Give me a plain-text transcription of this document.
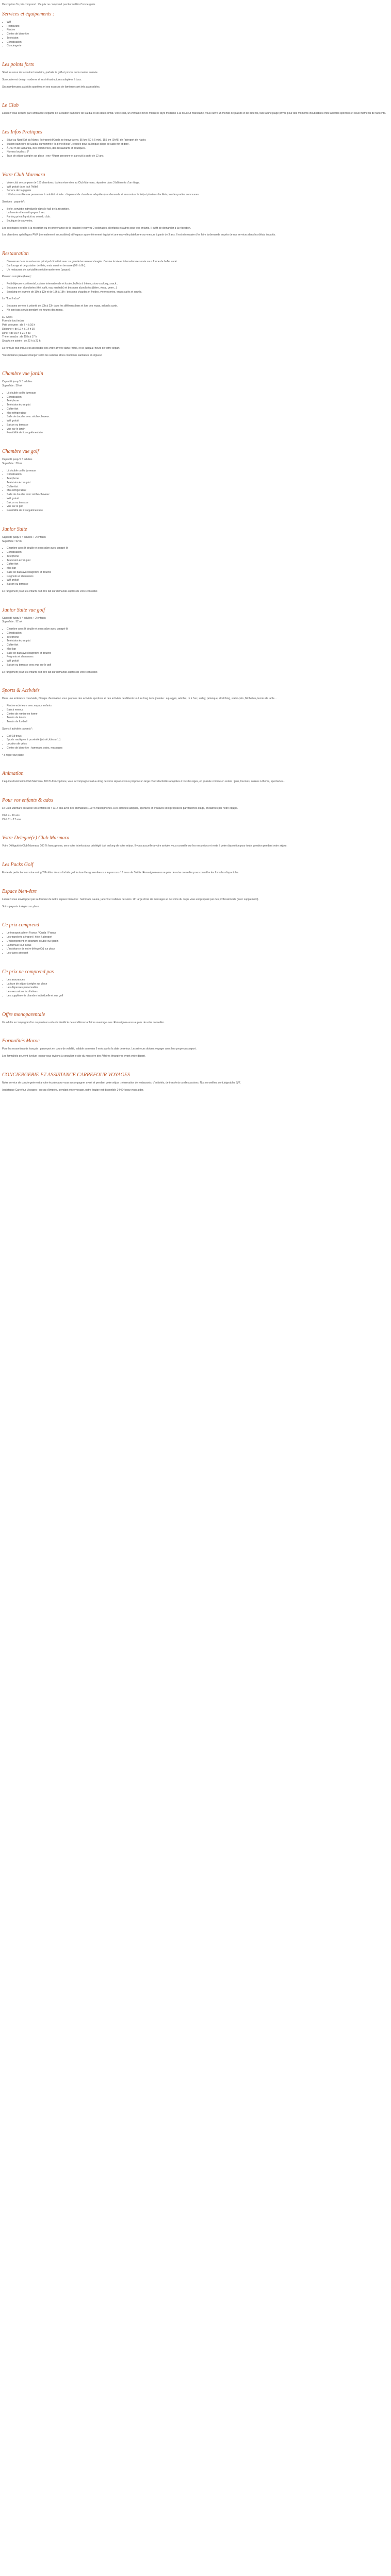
Description Ce prix comprend : Ce prix ne comprend pas Formalités Conciergerie

Services et équipements :
• Wifi
• Restaurant
• Piscine
• Centre de bien-être
• Télévision
• Climatisation
• Conciergerie
Les points forts

Situé au cœur de la station balnéaire, parfaite le golf et proche de la marina animée.

Son cadre est design moderne et ses infrastructures adaptées à tous.

Ses nombreuses activités sportives et ses espaces de farniente sont très accessibles.

Le Club

Laissez-vous séduire par l'ambiance élégante de la station balnéaire de Saïdia et ses deux climat. Votre club, un véritable havre mêlant le style moderne à la douceur marocaine, vous ouvre un monde de plaisirs et de détente, face à une plage privée pour des moments inoubliables entre activités sportives et doux moments de farniente.

Les Infos Pratiques
• Situé au Nord-Est du Maroc, l'aéroport d'Oujda se trouve à env. 55 km (50 à 6 min), 155 km (2h45) de l'aéroport de Nador.
• Station balnéaire de Saïdia, surnommée "la perle Bleue", réputée pour sa longue plage de sable fin et doré.
• À 700 m de la marina, des commerces, des restaurants et boutiques.
• Normes locales : 5*
• Taxe de séjour à régler sur place : env. 40 par personne et par nuit à partir de 12 ans.
Votre Club Marmara
• Votre club se compose de 150 chambres, toutes réservées au Club Marmara, réparties dans 3 bâtiments d'un étage.
• Wifi gratuit dans tout l'hôtel.
• Service de bagagerie
• Hôtel accessible aux personnes à mobilité réduite : disposant de chambres adaptées (sur demande et en nombre limité) et plusieurs facilités pour les parties communes.

Services : payants*:

• Boîte, serviette individuelle dans le hall de la réception.
• La laverie et les nettoyages à sec.
• Parking privatif gratuit au sein du club.
• Boutique de souvenirs.

Les coloriages (réglés à la réception ou en provenance de la location) recevrez 2 coloriages, d'enfants et autres pour vos enfants. Il suffit de demander à la réception.

Les chambres spécifiques PMR (normalement accessibles) et l'espace spa entièrement équipé et une nouvelle plateforme sur-mesure à partir de 3 ans. Il est nécessaire d'en faire la demande auprès de nos services dans les délais impartis.

Restauration
• Bienvenue dans le restaurant principal climatisé avec sa grande terrasse ombragée. Cuisine locale et internationale servie sous forme de buffet varié.
• Bar lounge et dégustation de thés, mais aussi en terrasse (20h à 0h).
• Un restaurant de spécialités méditerranéennes (payant).

Pension complète (base) :

• Petit déjeuner continental, cuisine internationale et locale, buffets à thème, show cooking, snack...
• Boissons non alcoolisées (thé, café, eau minérale) et boissons alcoolisées (bière, vin au verre...)
• Snacking en journée de 10h à 12h et de 15h à 18h : boissons chaudes et froides, viennoiseries, encas salés et sucrés.

Le "Tout Inclus" :

• Boissons servies à volonté de 10h à 23h dans les différents bars et lors des repas, selon la carte.
• Ne sont pas servis pendant les heures des repas.

LE TARIF
Formule tout inclus
Petit déjeuner : de 7 h à 10 h
Déjeuner : de 12 h à 14 h 30
Dîner : de 19 h à 21 h 30
Thé et snacks : de 15 h à 17 h
Snacks en soirée : de 22 h à 23 h

La formule tout inclus est accessible dès votre arrivée dans l'hôtel, et ce jusqu'à l'heure de votre départ.

*Ces horaires peuvent changer selon les saisons et les conditions sanitaires en vigueur.

Chambre vue jardin

Capacité jusqu'à 3 adultes
Superficie : 30 m²

• Lit double ou lits jumeaux
• Climatisation
• Téléphone
• Télévision écran plat
• Coffre-fort
• Mini-réfrigérateur
• Salle de douche avec sèche-cheveux
• Wifi gratuit
• Balcon ou terrasse
• Vue sur le jardin
• Possibilité de lit supplémentaire
Chambre vue golf

Capacité jusqu'à 3 adultes
Superficie : 30 m²

• Lit double ou lits jumeaux
• Climatisation
• Téléphone
• Télévision écran plat
• Coffre-fort
• Mini-réfrigérateur
• Salle de douche avec sèche-cheveux
• Wifi gratuit
• Balcon ou terrasse
• Vue sur le golf
• Possibilité de lit supplémentaire
Junior Suite

Capacité jusqu'à 4 adultes + 2 enfants
Superficie : 52 m²

• Chambre avec lit double et coin salon avec canapé-lit
• Climatisation
• Téléphone
• Télévision écran plat
• Coffre-fort
• Mini-bar
• Salle de bain avec baignoire et douche
• Peignoirs et chaussons
• Wifi gratuit
• Balcon ou terrasse

Le rangement pour les enfants doit être fait sur demande auprès de votre conseiller.

Junior Suite vue golf

Capacité jusqu'à 4 adultes + 2 enfants
Superficie : 52 m²

• Chambre avec lit double et coin salon avec canapé-lit
• Climatisation
• Téléphone
• Télévision écran plat
• Coffre-fort
• Mini-bar
• Salle de bain avec baignoire et douche
• Peignoirs et chaussons
• Wifi gratuit
• Balcon ou terrasse avec vue sur le golf

Le rangement pour les enfants doit être fait sur demande auprès de votre conseiller.

Sports & Activités

Dans une ambiance conviviale, l'équipe d'animation vous propose des activités sportives et des activités de détente tout au long de la journée : aquagym, aérobic, tir à l'arc, volley, pétanque, stretching, water-polo, fléchettes, tennis de table...

• Piscine extérieure avec espace enfants
• Bain à remous
• Centre de remise en forme
• Terrain de tennis
• Terrain de football

Sports / activités payants* :

• Golf 18 trous
• Sports nautiques à proximité (jet-ski, kitesurf...)
• Location de vélos
• Centre de bien-être : hammam, soins, massages

* à régler sur place

Animation

L'équipe d'animation Club Marmara, 100 % francophone, vous accompagne tout au long de votre séjour et vous propose un large choix d'activités adaptées à tous les âges, en journée comme en soirée : jeux, tournois, soirées à thème, spectacles...

Pour vos enfants & ados

Le Club Marmara accueille vos enfants de 4 à 17 ans avec des animateurs 100 % francophones. Des activités ludiques, sportives et créatives sont proposées par tranches d'âge, encadrées par notre équipe.

Club 4 - 10 ans
Club 11 - 17 ans

Votre Delegué(e) Club Marmara

Votre Délégué(e) Club Marmara, 100 % francophone, sera votre interlocuteur privilégié tout au long de votre séjour. Il vous accueille à votre arrivée, vous conseille sur les excursions et reste à votre disposition pour toute question pendant votre séjour.

Les Packs Golf

Envie de perfectionner votre swing ? Profitez de nos forfaits golf incluant les green-fees sur le parcours 18 trous de Saïdia. Renseignez-vous auprès de votre conseiller pour connaître les formules disponibles.

Espace bien-être

Laissez-vous envelopper par la douceur de notre espace bien-être : hammam, sauna, jacuzzi et cabines de soins. Un large choix de massages et de soins du corps vous est proposé par des professionnels (avec supplément).

Soins payants à régler sur place.

Ce prix comprend
• Le transport aérien France / Oujda / France
• Les transferts aéroport / hôtel / aéroport
• L'hébergement en chambre double vue jardin
• La formule tout inclus
• L'assistance de notre délégué(e) sur place
• Les taxes aéroport
Ce prix ne comprend pas
• Les assurances
• La taxe de séjour à régler sur place
• Les dépenses personnelles
• Les excursions facultatives
• Les suppléments chambre individuelle et vue golf
Offre monoparentale

Un adulte accompagné d'un ou plusieurs enfants bénéficie de conditions tarifaires avantageuses. Renseignez-vous auprès de votre conseiller.

Formalités Maroc

Pour les ressortissants français : passeport en cours de validité, valable au moins 6 mois après la date de retour. Les mineurs doivent voyager avec leur propre passeport.

Les formalités peuvent évoluer : nous vous invitons à consulter le site du ministère des Affaires étrangères avant votre départ.

CONCIERGERIE ET ASSISTANCE CARREFOUR VOYAGES

Notre service de conciergerie est à votre écoute pour vous accompagner avant et pendant votre séjour : réservation de restaurants, d'activités, de transferts ou d'excursions. Nos conseillers sont joignables 7j/7.

Assistance Carrefour Voyages : en cas d'imprévu pendant votre voyage, notre équipe est disponible 24h/24 pour vous aider.
